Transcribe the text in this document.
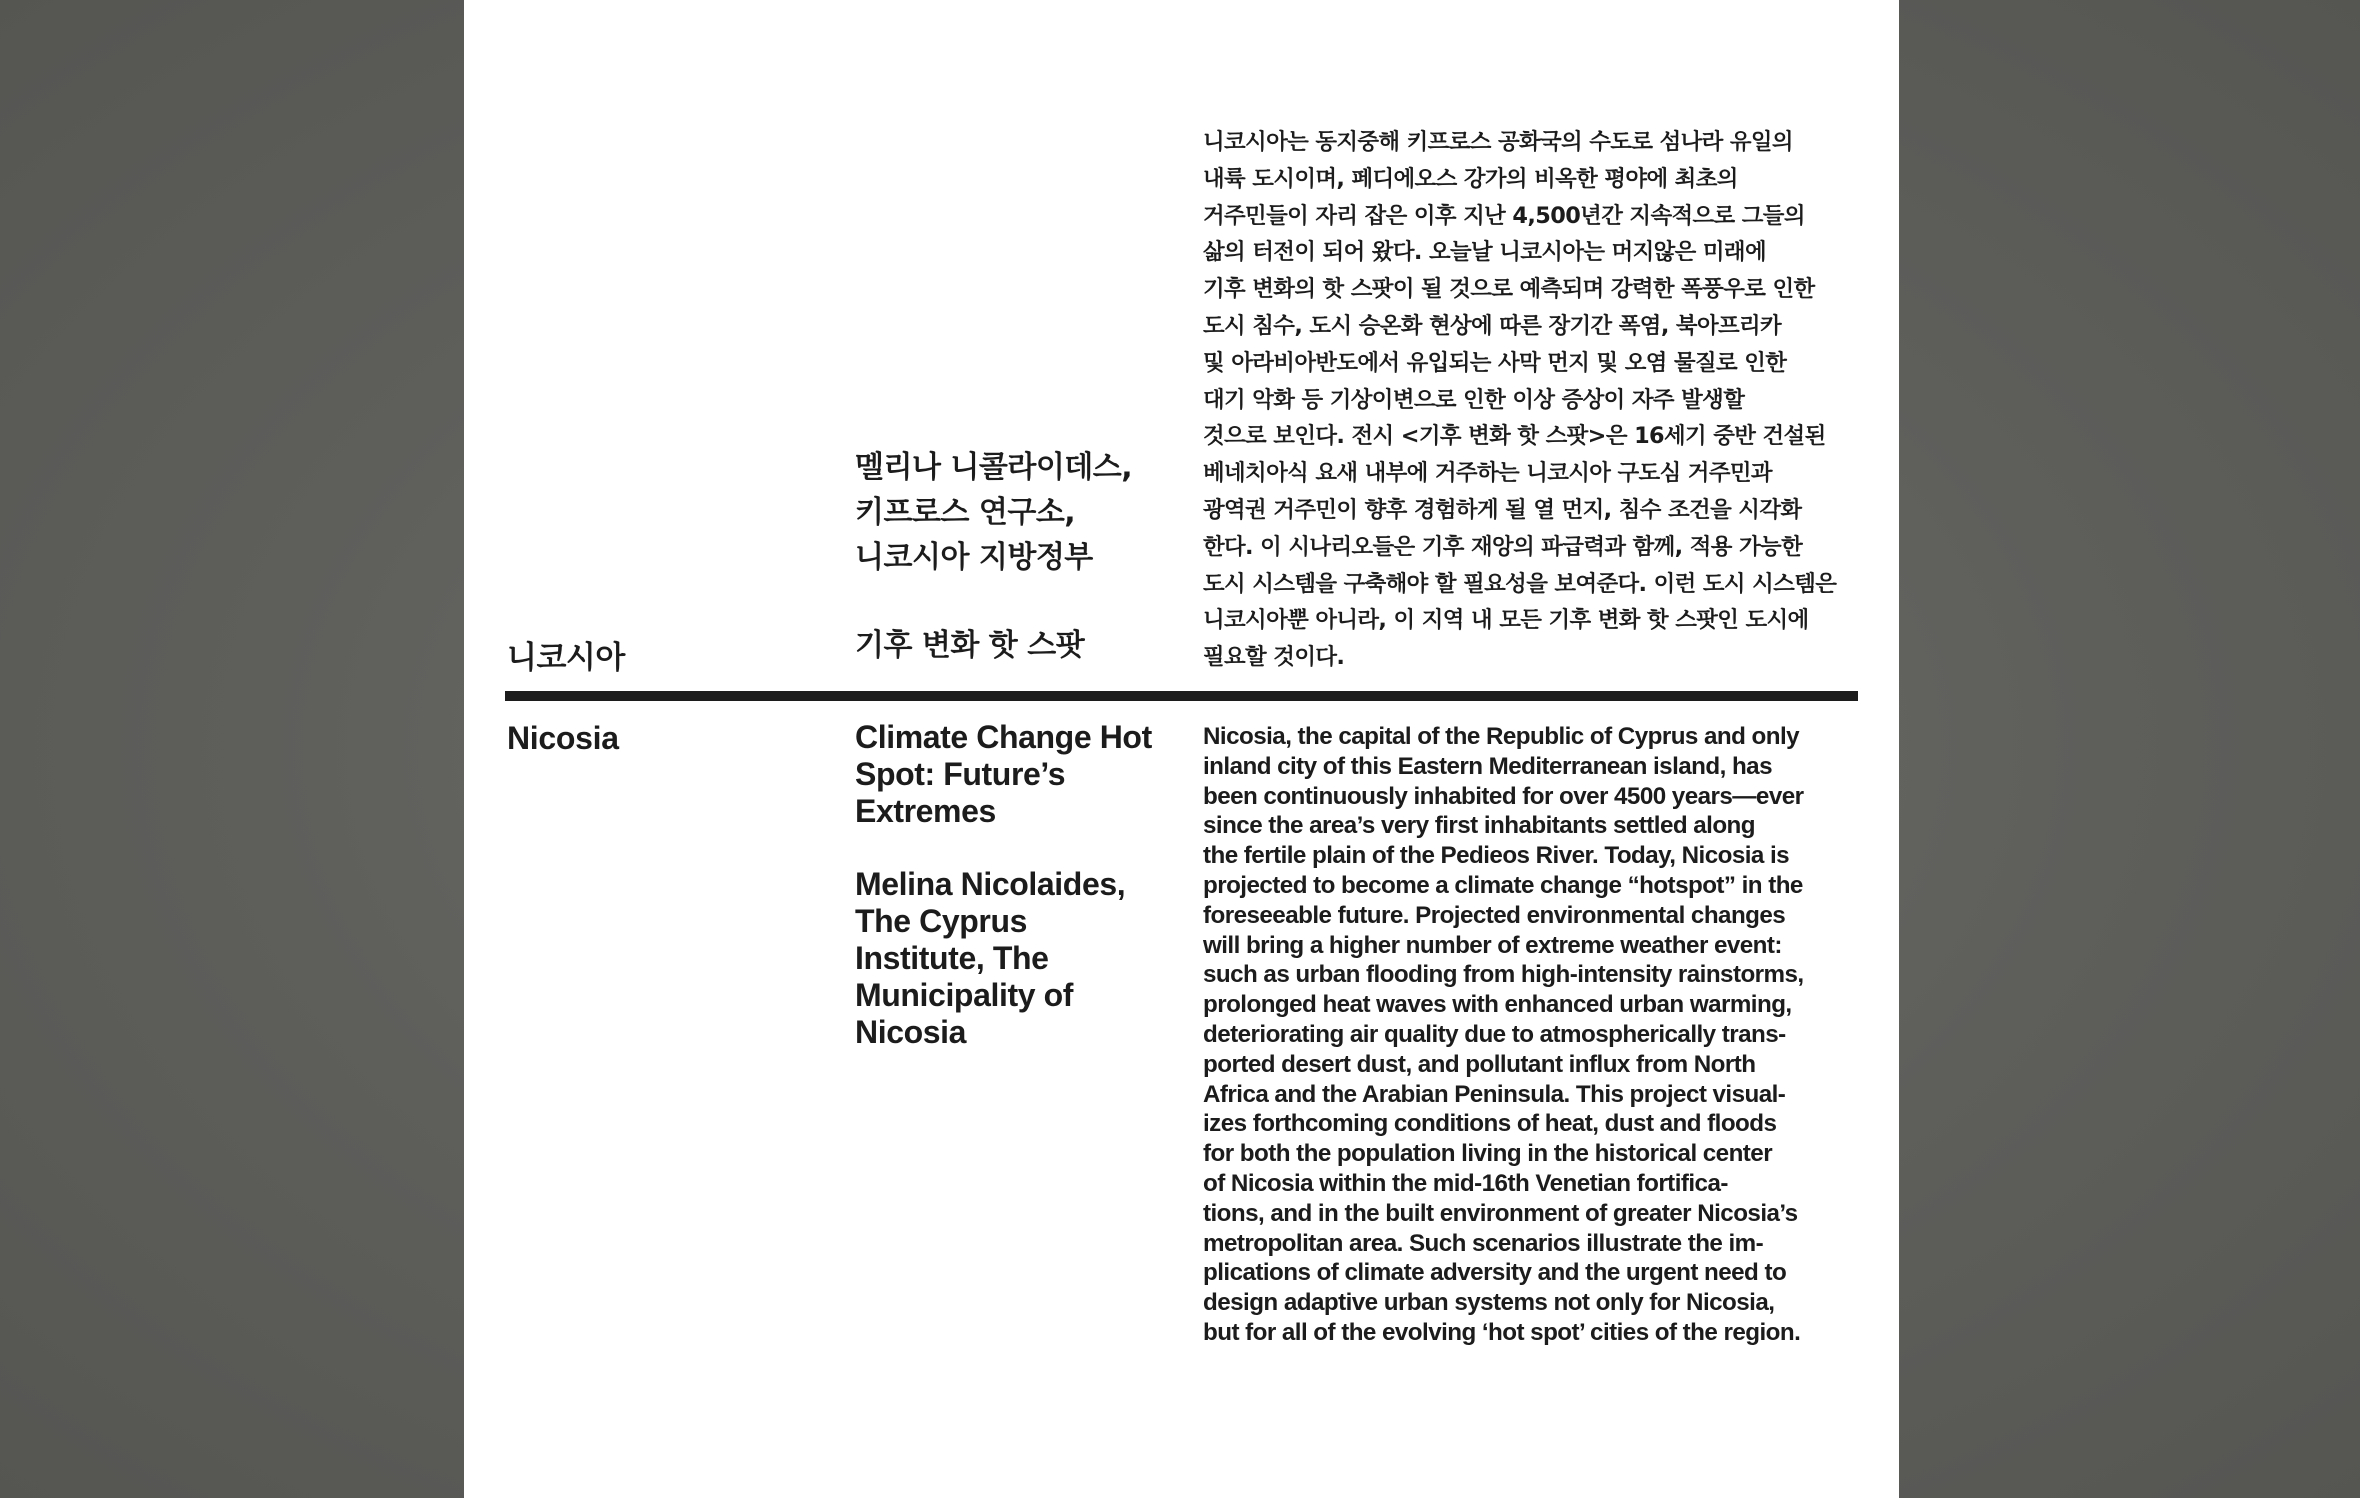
니코시아
멜리나 니콜라이데스,
키프로스 연구소,
니코시아 지방정부
기후 변화 핫 스팟
니코시아는 동지중해 키프로스 공화국의 수도로 섬나라 유일의
내륙 도시이며, 페디에오스 강가의 비옥한 평야에 최초의
거주민들이 자리 잡은 이후 지난 4,500년간 지속적으로 그들의
삶의 터전이 되어 왔다. 오늘날 니코시아는 머지않은 미래에
기후 변화의 핫 스팟이 될 것으로 예측되며 강력한 폭풍우로 인한
도시 침수, 도시 승온화 현상에 따른 장기간 폭염, 북아프리카
및 아라비아반도에서 유입되는 사막 먼지 및 오염 물질로 인한
대기 악화 등 기상이변으로 인한 이상 증상이 자주 발생할
것으로 보인다. 전시 <기후 변화 핫 스팟>은 16세기 중반 건설된
베네치아식 요새 내부에 거주하는 니코시아 구도심 거주민과
광역권 거주민이 향후 경험하게 될 열 먼지, 침수 조건을 시각화
한다. 이 시나리오들은 기후 재앙의 파급력과 함께, 적용 가능한
도시 시스템을 구축해야 할 필요성을 보여준다. 이런 도시 시스템은
니코시아뿐 아니라, 이 지역 내 모든 기후 변화 핫 스팟인 도시에
필요할 것이다.
Nicosia	Climate Change Hot
Spot: Future’s
Extremes
Melina Nicolaides,
The Cyprus
Institute, The
Municipality of
Nicosia
Nicosia, the capital of the Republic of Cyprus and only
inland city of this Eastern Mediterranean island, has
been continuously inhabited for over 4500 years—ever
since the area’s very first inhabitants settled along
the fertile plain of the Pedieos River. Today, Nicosia is
projected to become a climate change “hotspot” in the
foreseeable future. Projected environmental changes
will bring a higher number of extreme weather event:
such as urban flooding from high-intensity rainstorms,
prolonged heat waves with enhanced urban warming,
deteriorating air quality due to atmospherically trans-
ported desert dust, and pollutant influx from North
Africa and the Arabian Peninsula. This project visual-
izes forthcoming conditions of heat, dust and floods
for both the population living in the historical center
of Nicosia within the mid-16th Venetian fortifica-
tions, and in the built environment of greater Nicosia’s
metropolitan area. Such scenarios illustrate the im-
plications of climate adversity and the urgent need to
design adaptive urban systems not only for Nicosia,
but for all of the evolving ‘hot spot’ cities of the region.
